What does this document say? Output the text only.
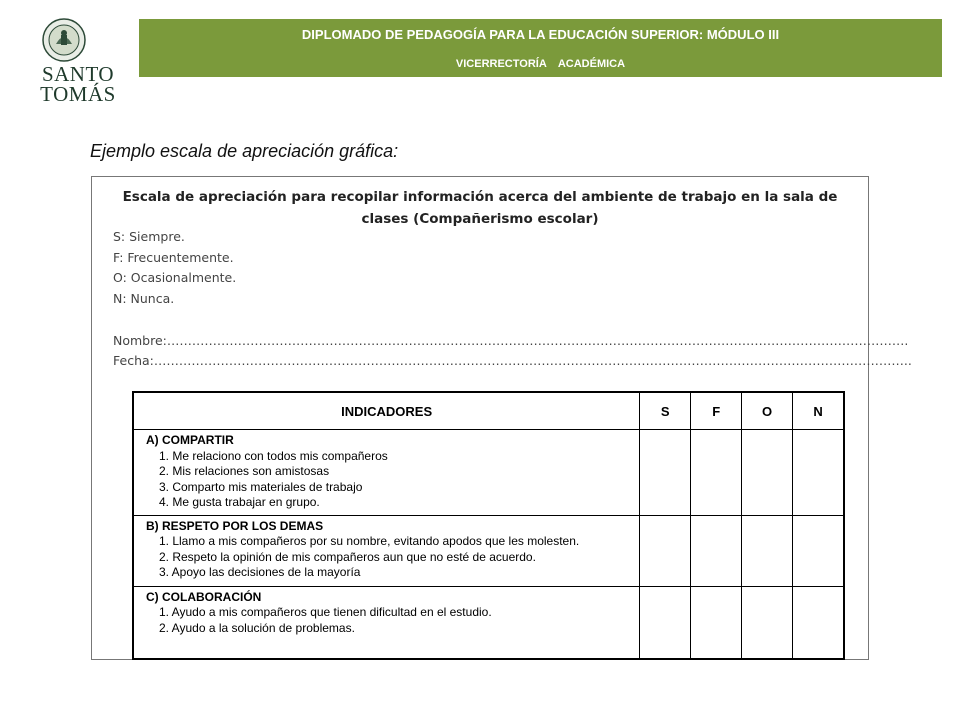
SANTO
TOMÁS
DIPLOMADO DE PEDAGOGÍA PARA LA EDUCACIÓN SUPERIOR: MÓDULO III
VICERRECTORÍA ACADÉMICA
Ejemplo escala de apreciación gráfica:
Escala de apreciación para recopilar información acerca del ambiente de trabajo en la sala de clases (Compañerismo escolar)
S: Siempre.
F: Frecuentemente.
O: Ocasionalmente.
N: Nunca.
Nombre:…………………………………………………………………………………………………………………………………………………………….
Fecha:………………………………………………………………………………………………………………………………………………………………..
INDICADORES	S	F	O	N

A) COMPARTIR
1. Me relaciono con todos mis compañeros
2. Mis relaciones son amistosas
3. Comparto mis materiales de trabajo
4. Me gusta trabajar en grupo.				

B) RESPETO POR LOS DEMAS
1. Llamo a mis compañeros por su nombre, evitando apodos que les molesten.
2. Respeto la opinión de mis compañeros aun que no esté de acuerdo.
3. Apoyo las decisiones de la mayoría				

C) COLABORACIÓN
1. Ayudo a mis compañeros que tienen dificultad en el estudio.
2. Ayudo a la solución de problemas.				
